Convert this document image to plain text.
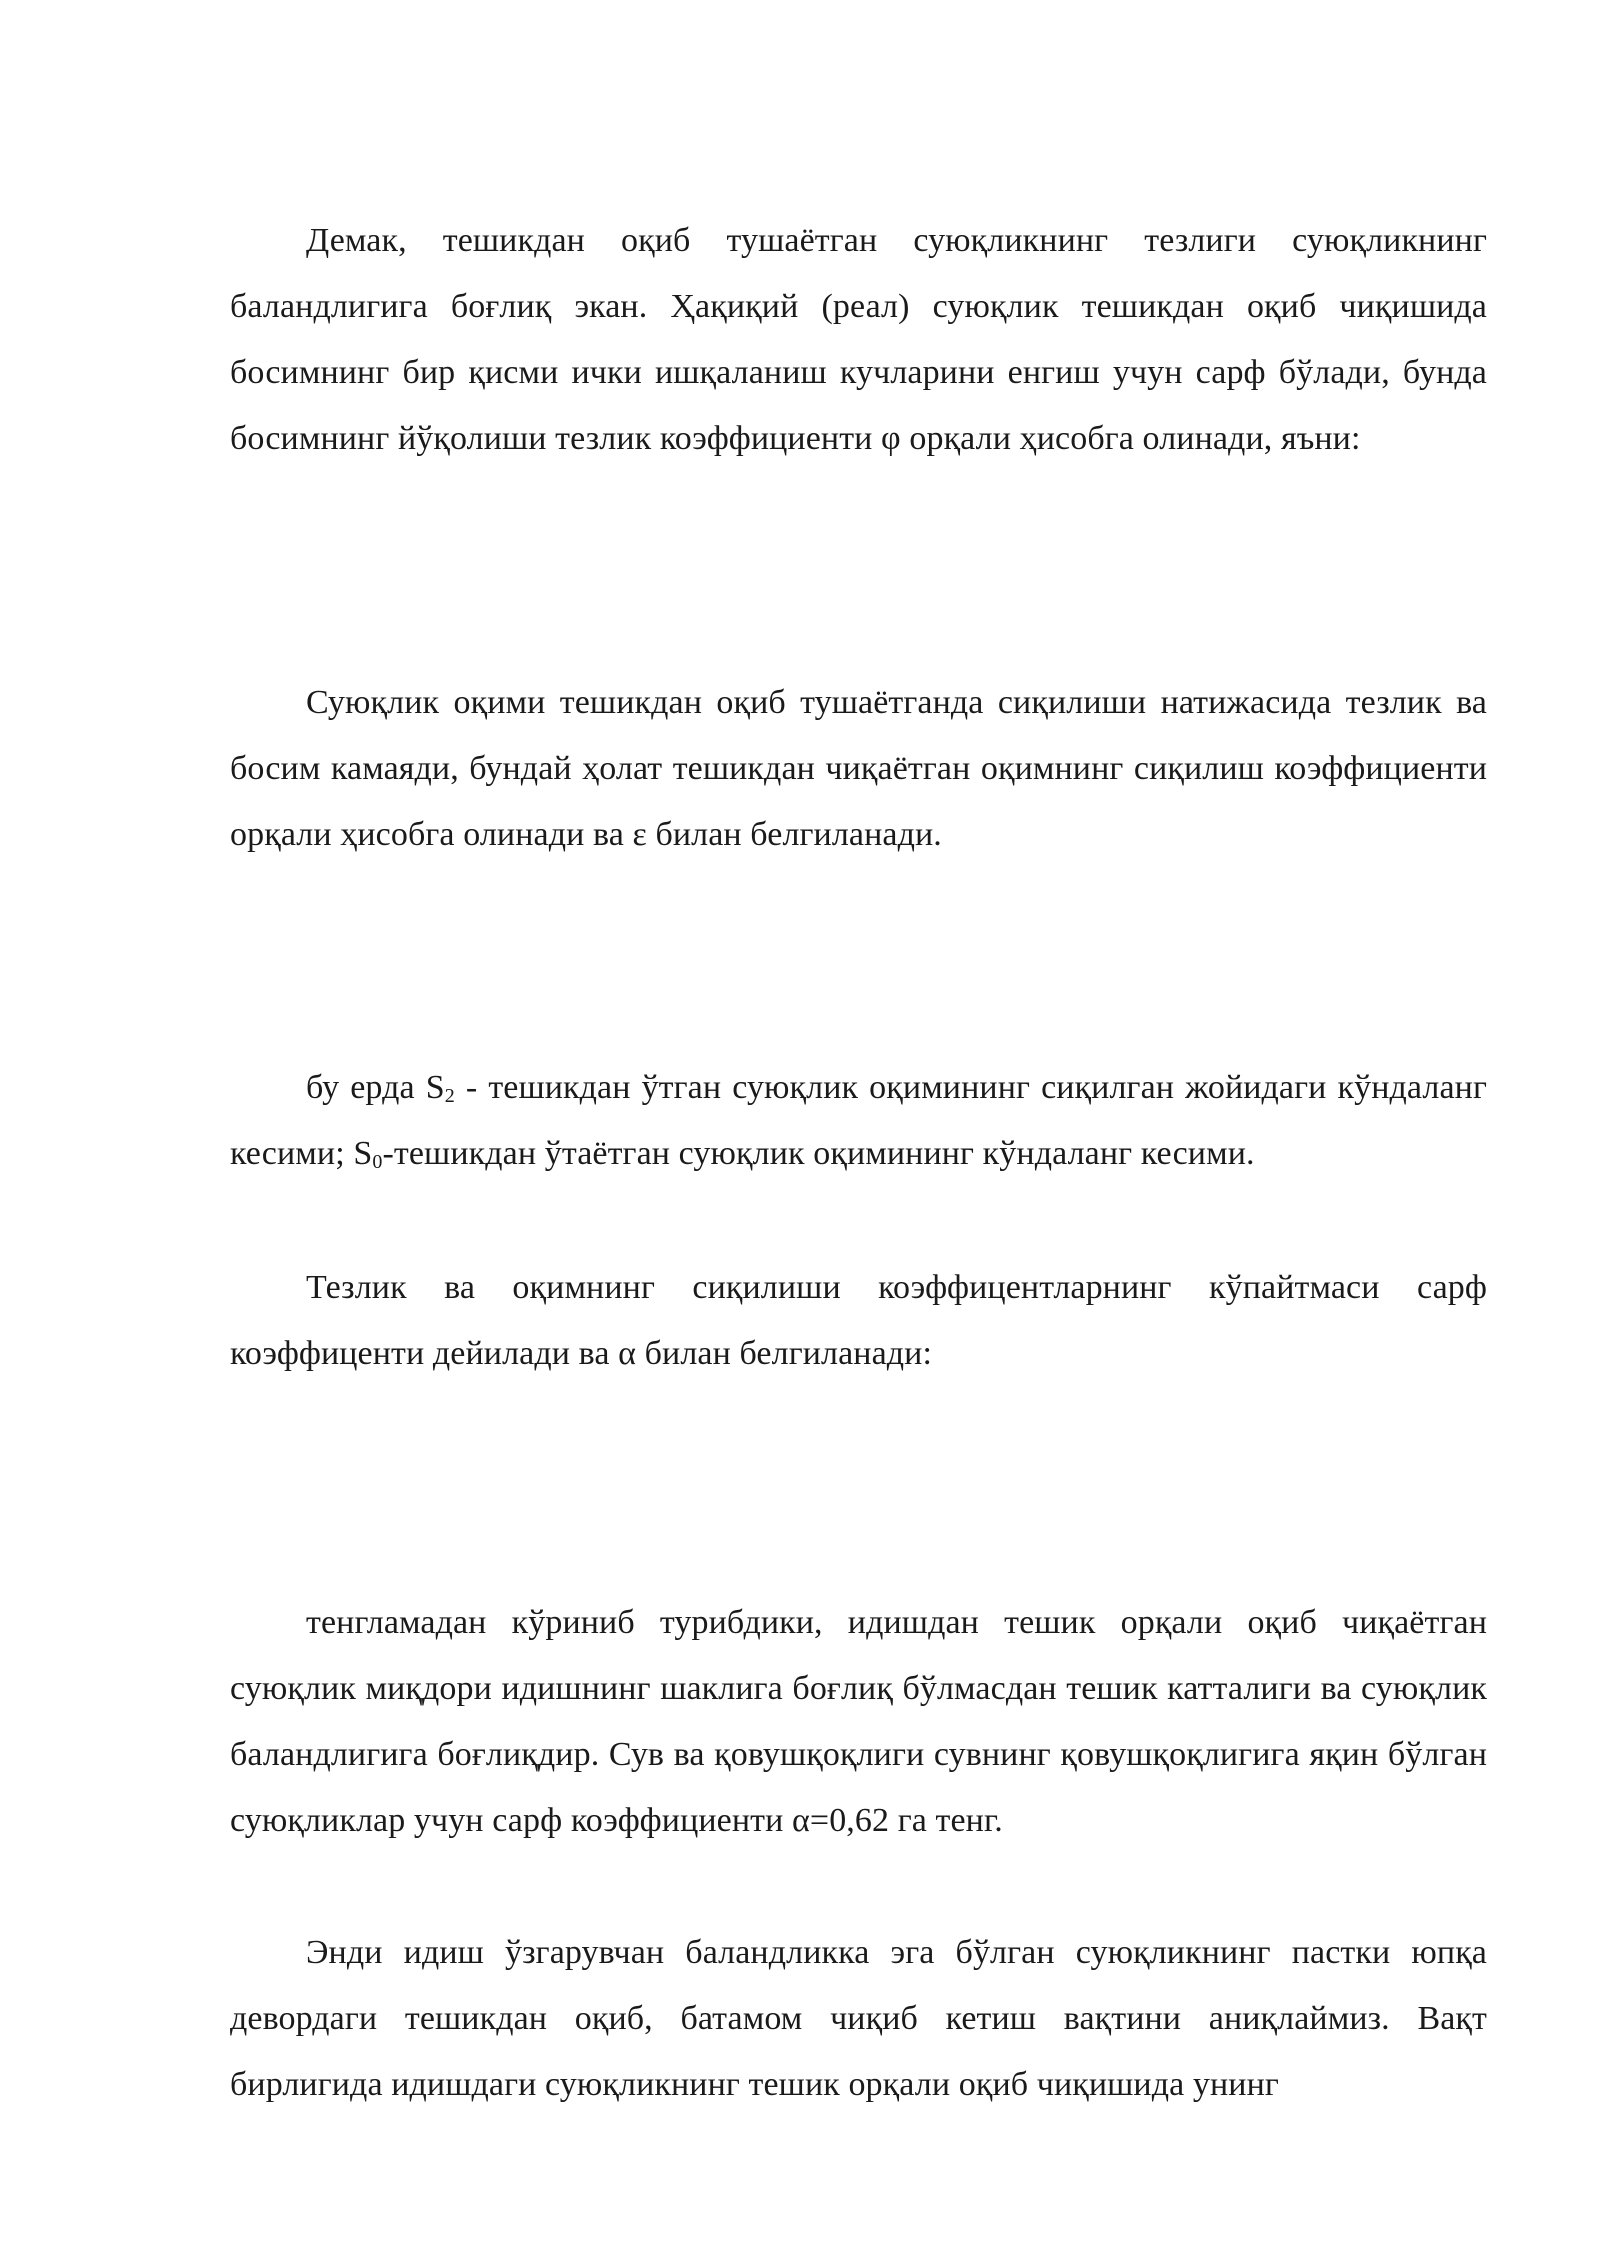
Демак, тешикдан оқиб тушаётган суюқликнинг тезлиги суюқликнинг баландлигига боғлиқ экан. Ҳақиқий (реал) суюқлик тешикдан оқиб чиқишида босимнинг бир қисми ички ишқаланиш кучларини енгиш учун сарф бўлади, бунда босимнинг йўқолиши тезлик коэффициенти φ орқали ҳисобга олинади, яъни:

Суюқлик оқими тешикдан оқиб тушаётганда сиқилиши натижасида тезлик ва босим камаяди, бундай ҳолат тешикдан чиқаётган оқимнинг сиқилиш коэффициенти орқали ҳисобга олинади ва ε билан белгиланади.

бу ерда $S_2$ - тешикдан ўтган суюқлик оқимининг сиқилган жойидаги кўндаланг кесими; $S_0$-тешикдан ўтаётган суюқлик оқимининг кўндаланг кесими.

Тезлик ва оқимнинг сиқилиши коэффицентларнинг кўпайтмаси сарф коэффиценти дейилади ва α билан белгиланади:

тенгламадан кўриниб турибдики, идишдан тешик орқали оқиб чиқаётган суюқлик миқдори идишнинг шаклига боғлиқ бўлмасдан тешик катталиги ва суюқлик баландлигига боғлиқдир. Сув ва қовушқоқлиги сувнинг қовушқоқлигига яқин бўлган суюқликлар учун сарф коэффициенти α=0,62 га тенг.

Энди идиш ўзгарувчан баландликка эга бўлган суюқликнинг пастки юпқа девордаги тешикдан оқиб, батамом чиқиб кетиш вақтини аниқлаймиз. Вақт бирлигида идишдаги суюқликнинг тешик орқали оқиб чиқишида унинг
